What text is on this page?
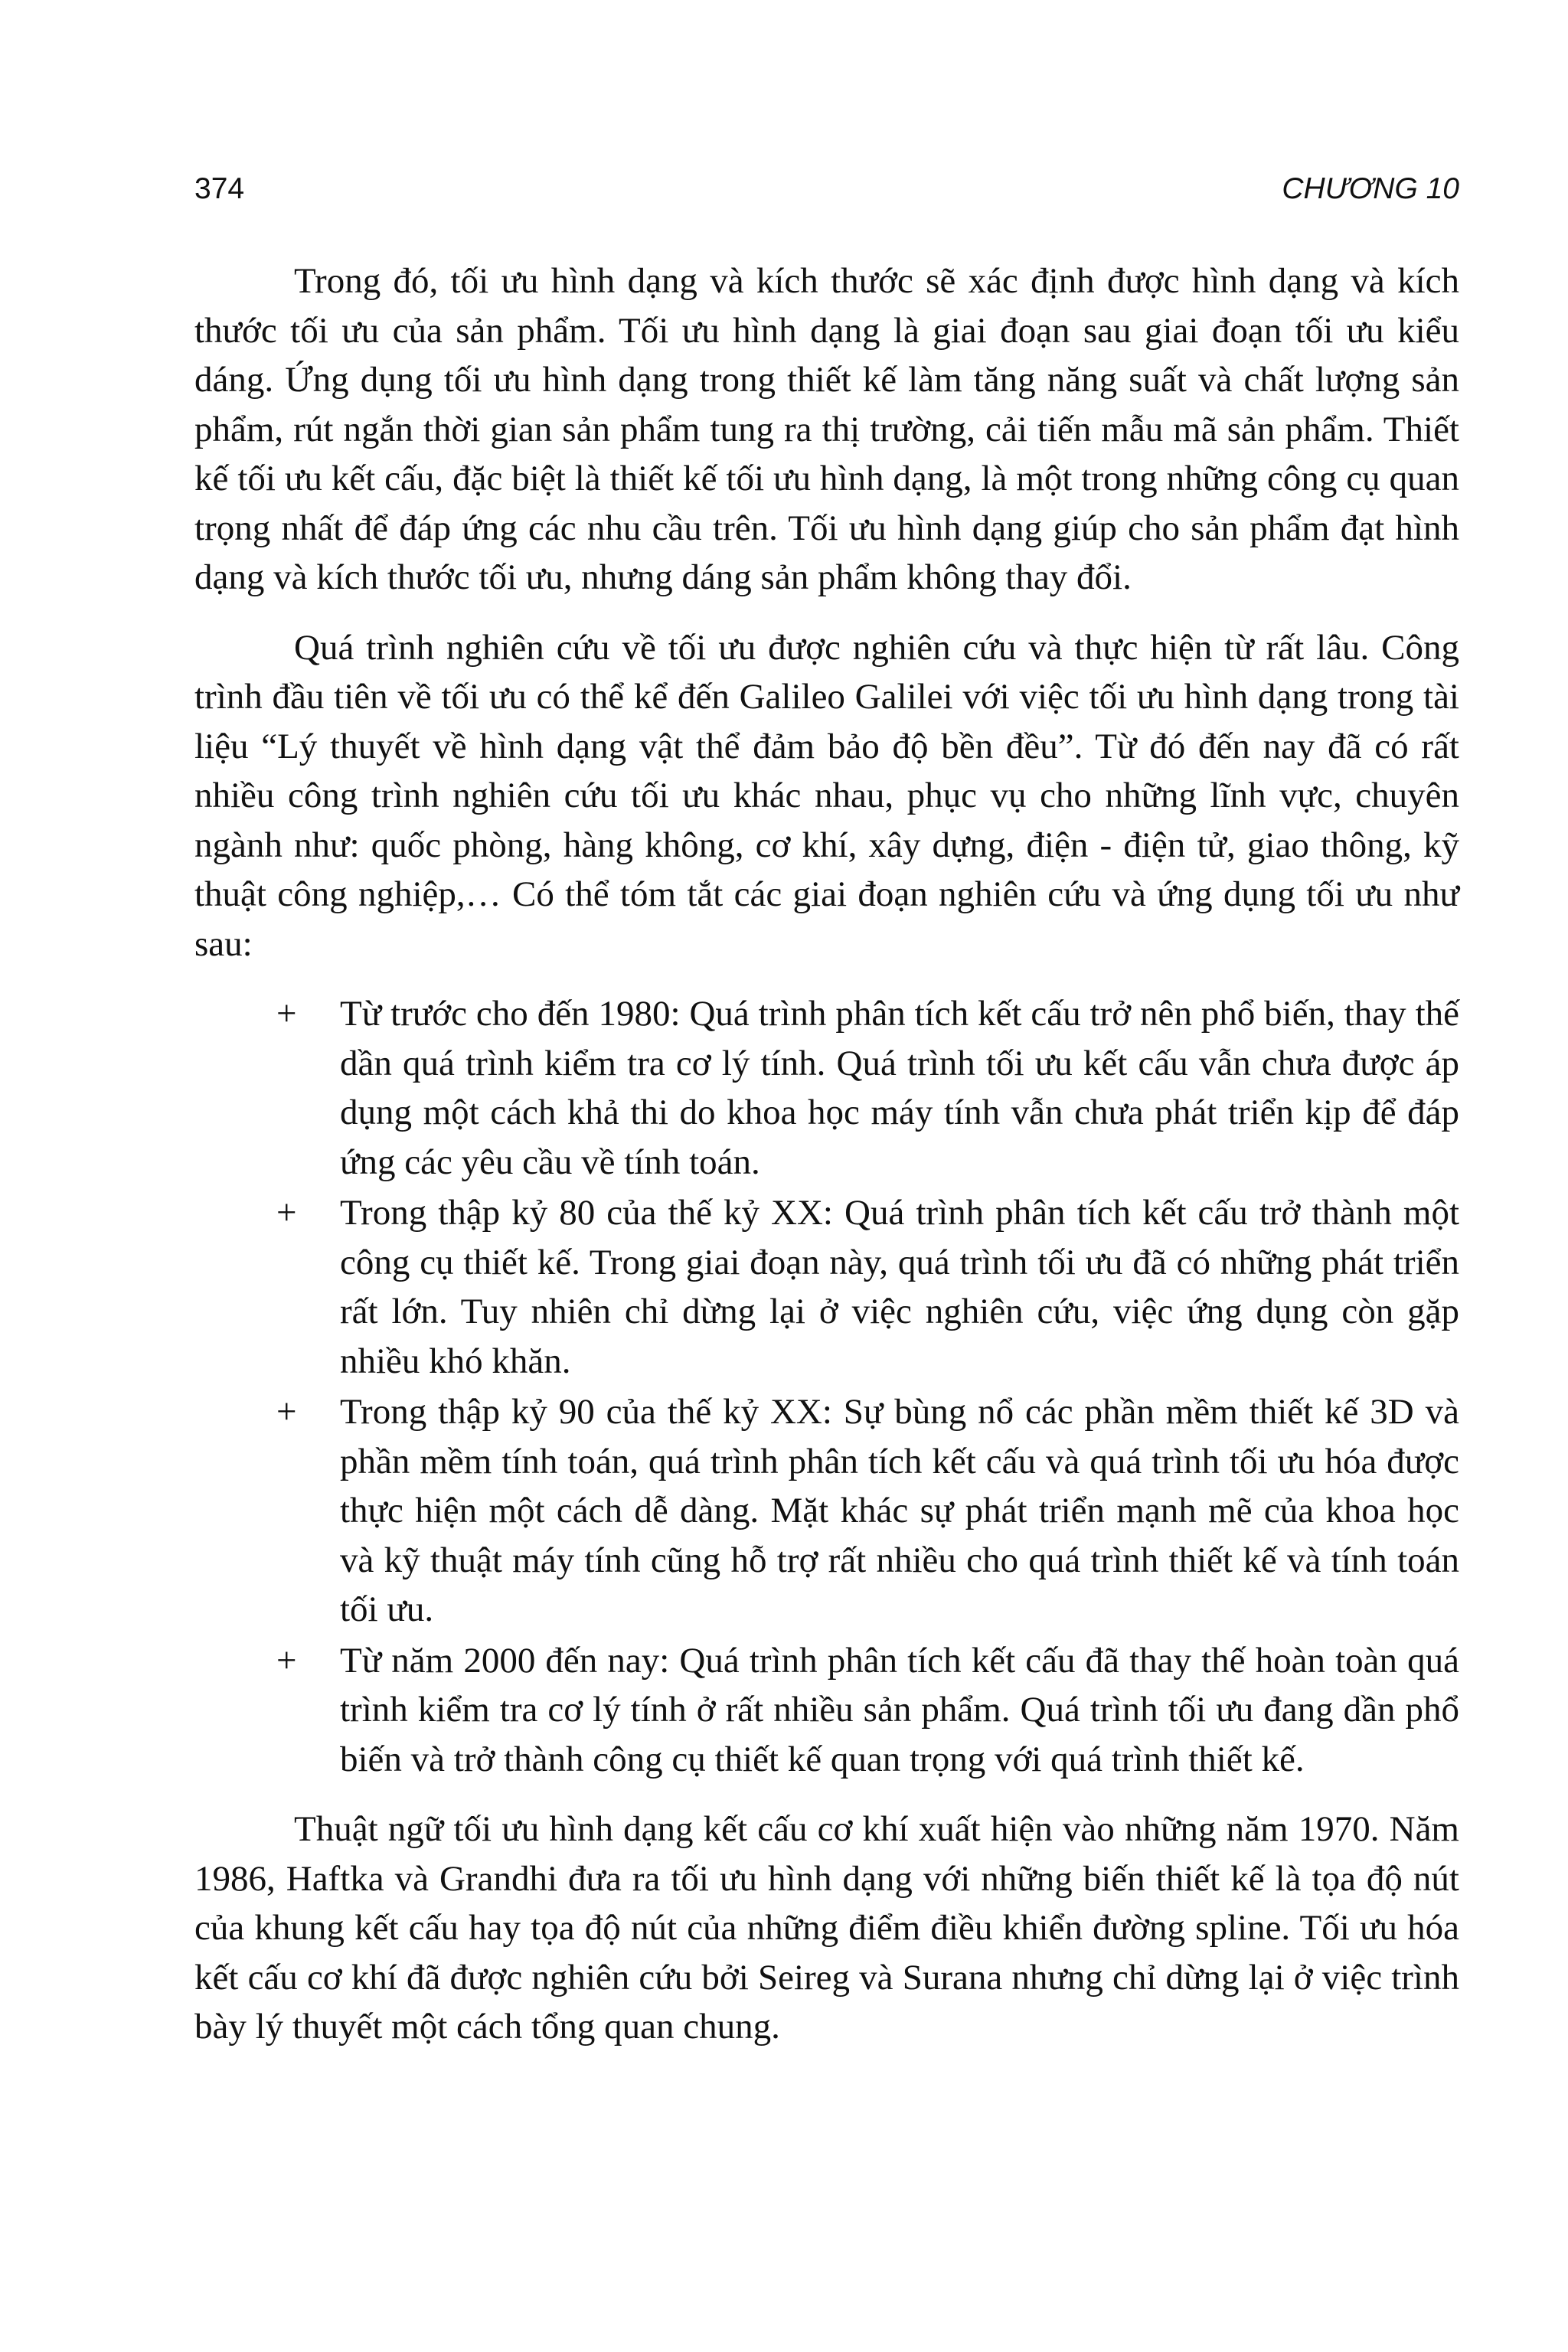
374	CHƯƠNG 10

Trong đó, tối ưu hình dạng và kích thước sẽ xác định được hình dạng và kích thước tối ưu của sản phẩm. Tối ưu hình dạng là giai đoạn sau giai đoạn tối ưu kiểu dáng. Ứng dụng tối ưu hình dạng trong thiết kế làm tăng năng suất và chất lượng sản phẩm, rút ngắn thời gian sản phẩm tung ra thị trường, cải tiến mẫu mã sản phẩm. Thiết kế tối ưu kết cấu, đặc biệt là thiết kế tối ưu hình dạng, là một trong những công cụ quan trọng nhất để đáp ứng các nhu cầu trên. Tối ưu hình dạng giúp cho sản phẩm đạt hình dạng và kích thước tối ưu, nhưng dáng sản phẩm không thay đổi.

Quá trình nghiên cứu về tối ưu được nghiên cứu và thực hiện từ rất lâu. Công trình đầu tiên về tối ưu có thể kể đến Galileo Galilei với việc tối ưu hình dạng trong tài liệu “Lý thuyết về hình dạng vật thể đảm bảo độ bền đều”. Từ đó đến nay đã có rất nhiều công trình nghiên cứu tối ưu khác nhau, phục vụ cho những lĩnh vực, chuyên ngành như: quốc phòng, hàng không, cơ khí, xây dựng, điện - điện tử, giao thông, kỹ thuật công nghiệp,… Có thể tóm tắt các giai đoạn nghiên cứu và ứng dụng tối ưu như sau:

+ Từ trước cho đến 1980: Quá trình phân tích kết cấu trở nên phổ biến, thay thế dần quá trình kiểm tra cơ lý tính. Quá trình tối ưu kết cấu vẫn chưa được áp dụng một cách khả thi do khoa học máy tính vẫn chưa phát triển kịp để đáp ứng các yêu cầu về tính toán.
+ Trong thập kỷ 80 của thế kỷ XX: Quá trình phân tích kết cấu trở thành một công cụ thiết kế. Trong giai đoạn này, quá trình tối ưu đã có những phát triển rất lớn. Tuy nhiên chỉ dừng lại ở việc nghiên cứu, việc ứng dụng còn gặp nhiều khó khăn.
+ Trong thập kỷ 90 của thế kỷ XX: Sự bùng nổ các phần mềm thiết kế 3D và phần mềm tính toán, quá trình phân tích kết cấu và quá trình tối ưu hóa được thực hiện một cách dễ dàng. Mặt khác sự phát triển mạnh mẽ của khoa học và kỹ thuật máy tính cũng hỗ trợ rất nhiều cho quá trình thiết kế và tính toán tối ưu.
+ Từ năm 2000 đến nay: Quá trình phân tích kết cấu đã thay thế hoàn toàn quá trình kiểm tra cơ lý tính ở rất nhiều sản phẩm. Quá trình tối ưu đang dần phổ biến và trở thành công cụ thiết kế quan trọng với quá trình thiết kế.

Thuật ngữ tối ưu hình dạng kết cấu cơ khí xuất hiện vào những năm 1970. Năm 1986, Haftka và Grandhi đưa ra tối ưu hình dạng với những biến thiết kế là tọa độ nút của khung kết cấu hay tọa độ nút của những điểm điều khiển đường spline. Tối ưu hóa kết cấu cơ khí đã được nghiên cứu bởi Seireg và Surana nhưng chỉ dừng lại ở việc trình bày lý thuyết một cách tổng quan chung.
